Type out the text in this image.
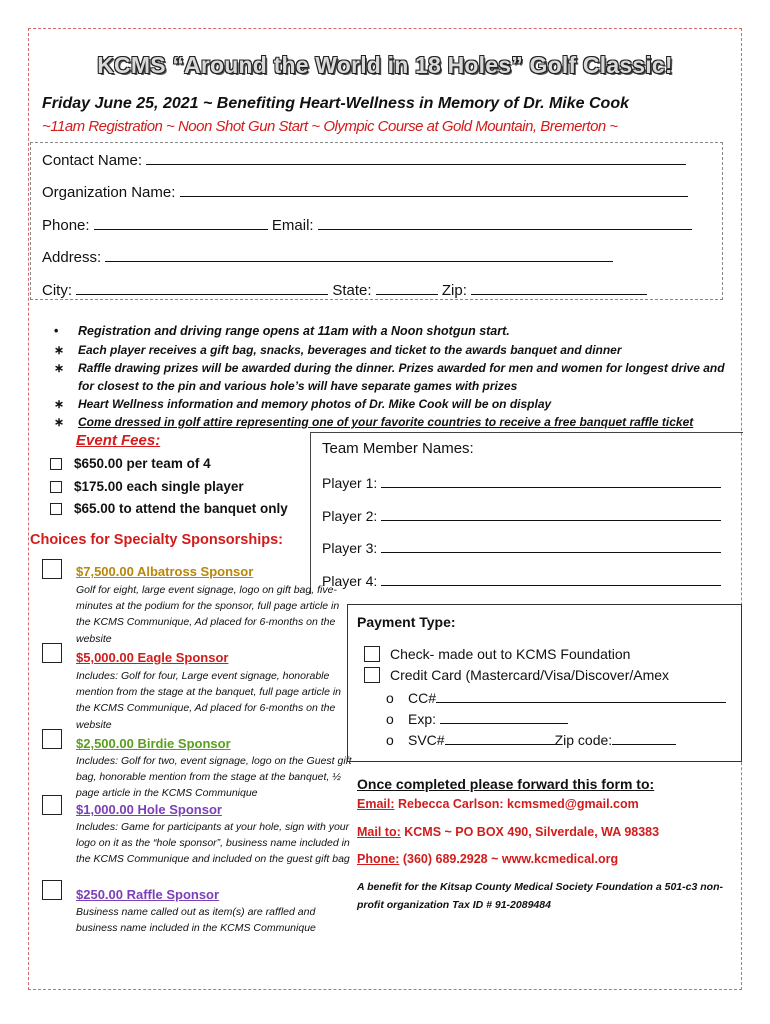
KCMS “Around the World in 18 Holes” Golf Classic!
Friday June 25, 2021 ~ Benefiting Heart-Wellness in Memory of Dr. Mike Cook
~11am Registration ~ Noon Shot Gun Start ~ Olympic Course at Gold Mountain, Bremerton ~
Contact Name:
Organization Name:
Phone:	Email:
Address:
City:	State:	Zip:
• Registration and driving range opens at 11am with a Noon shotgun start.
∗ Each player receives a gift bag, snacks, beverages and ticket to the awards banquet and dinner
∗ Raffle drawing prizes will be awarded during the dinner. Prizes awarded for men and women for longest drive and for closest to the pin and various hole’s will have separate games with prizes
∗ Heart Wellness information and memory photos of Dr. Mike Cook will be on display
∗ Come dressed in golf attire representing one of your favorite countries to receive a free banquet raffle ticket
Event Fees:
$650.00 per team of 4
$175.00 each single player
$65.00 to attend the banquet only
Team Member Names:
Player 1:
Player 2:
Player 3:
Player 4:
Choices for Specialty Sponsorships:
$7,500.00 Albatross Sponsor
Golf for eight, large event signage, logo on gift bag, five-minutes at the podium for the sponsor, full page article in the KCMS Communique, Ad placed for 6-months on the website
$5,000.00 Eagle Sponsor
Includes: Golf for four, Large event signage, honorable mention from the stage at the banquet, full page article in the KCMS Communique, Ad placed for 6-months on the website
$2,500.00 Birdie Sponsor
Includes: Golf for two, event signage, logo on the Guest gift bag, honorable mention from the stage at the banquet, ½ page article in the KCMS Communique
$1,000.00 Hole Sponsor
Includes: Game for participants at your hole, sign with your logo on it as the “hole sponsor”, business name included in the KCMS Communique and included on the guest gift bag
$250.00 Raffle Sponsor
Business name called out as item(s) are raffled and business name included in the KCMS Communique
Payment Type:
Check- made out to KCMS Foundation
Credit Card (Mastercard/Visa/Discover/Amex
o CC#
o Exp:
o SVC#	Zip code:
Once completed please forward this form to:
Email: Rebecca Carlson: kcmsmed@gmail.com
Mail to: KCMS ~ PO BOX 490, Silverdale, WA 98383
Phone: (360) 689.2928 ~ www.kcmedical.org
A benefit for the Kitsap County Medical Society Foundation a 501-c3 non-profit organization Tax ID # 91-2089484
